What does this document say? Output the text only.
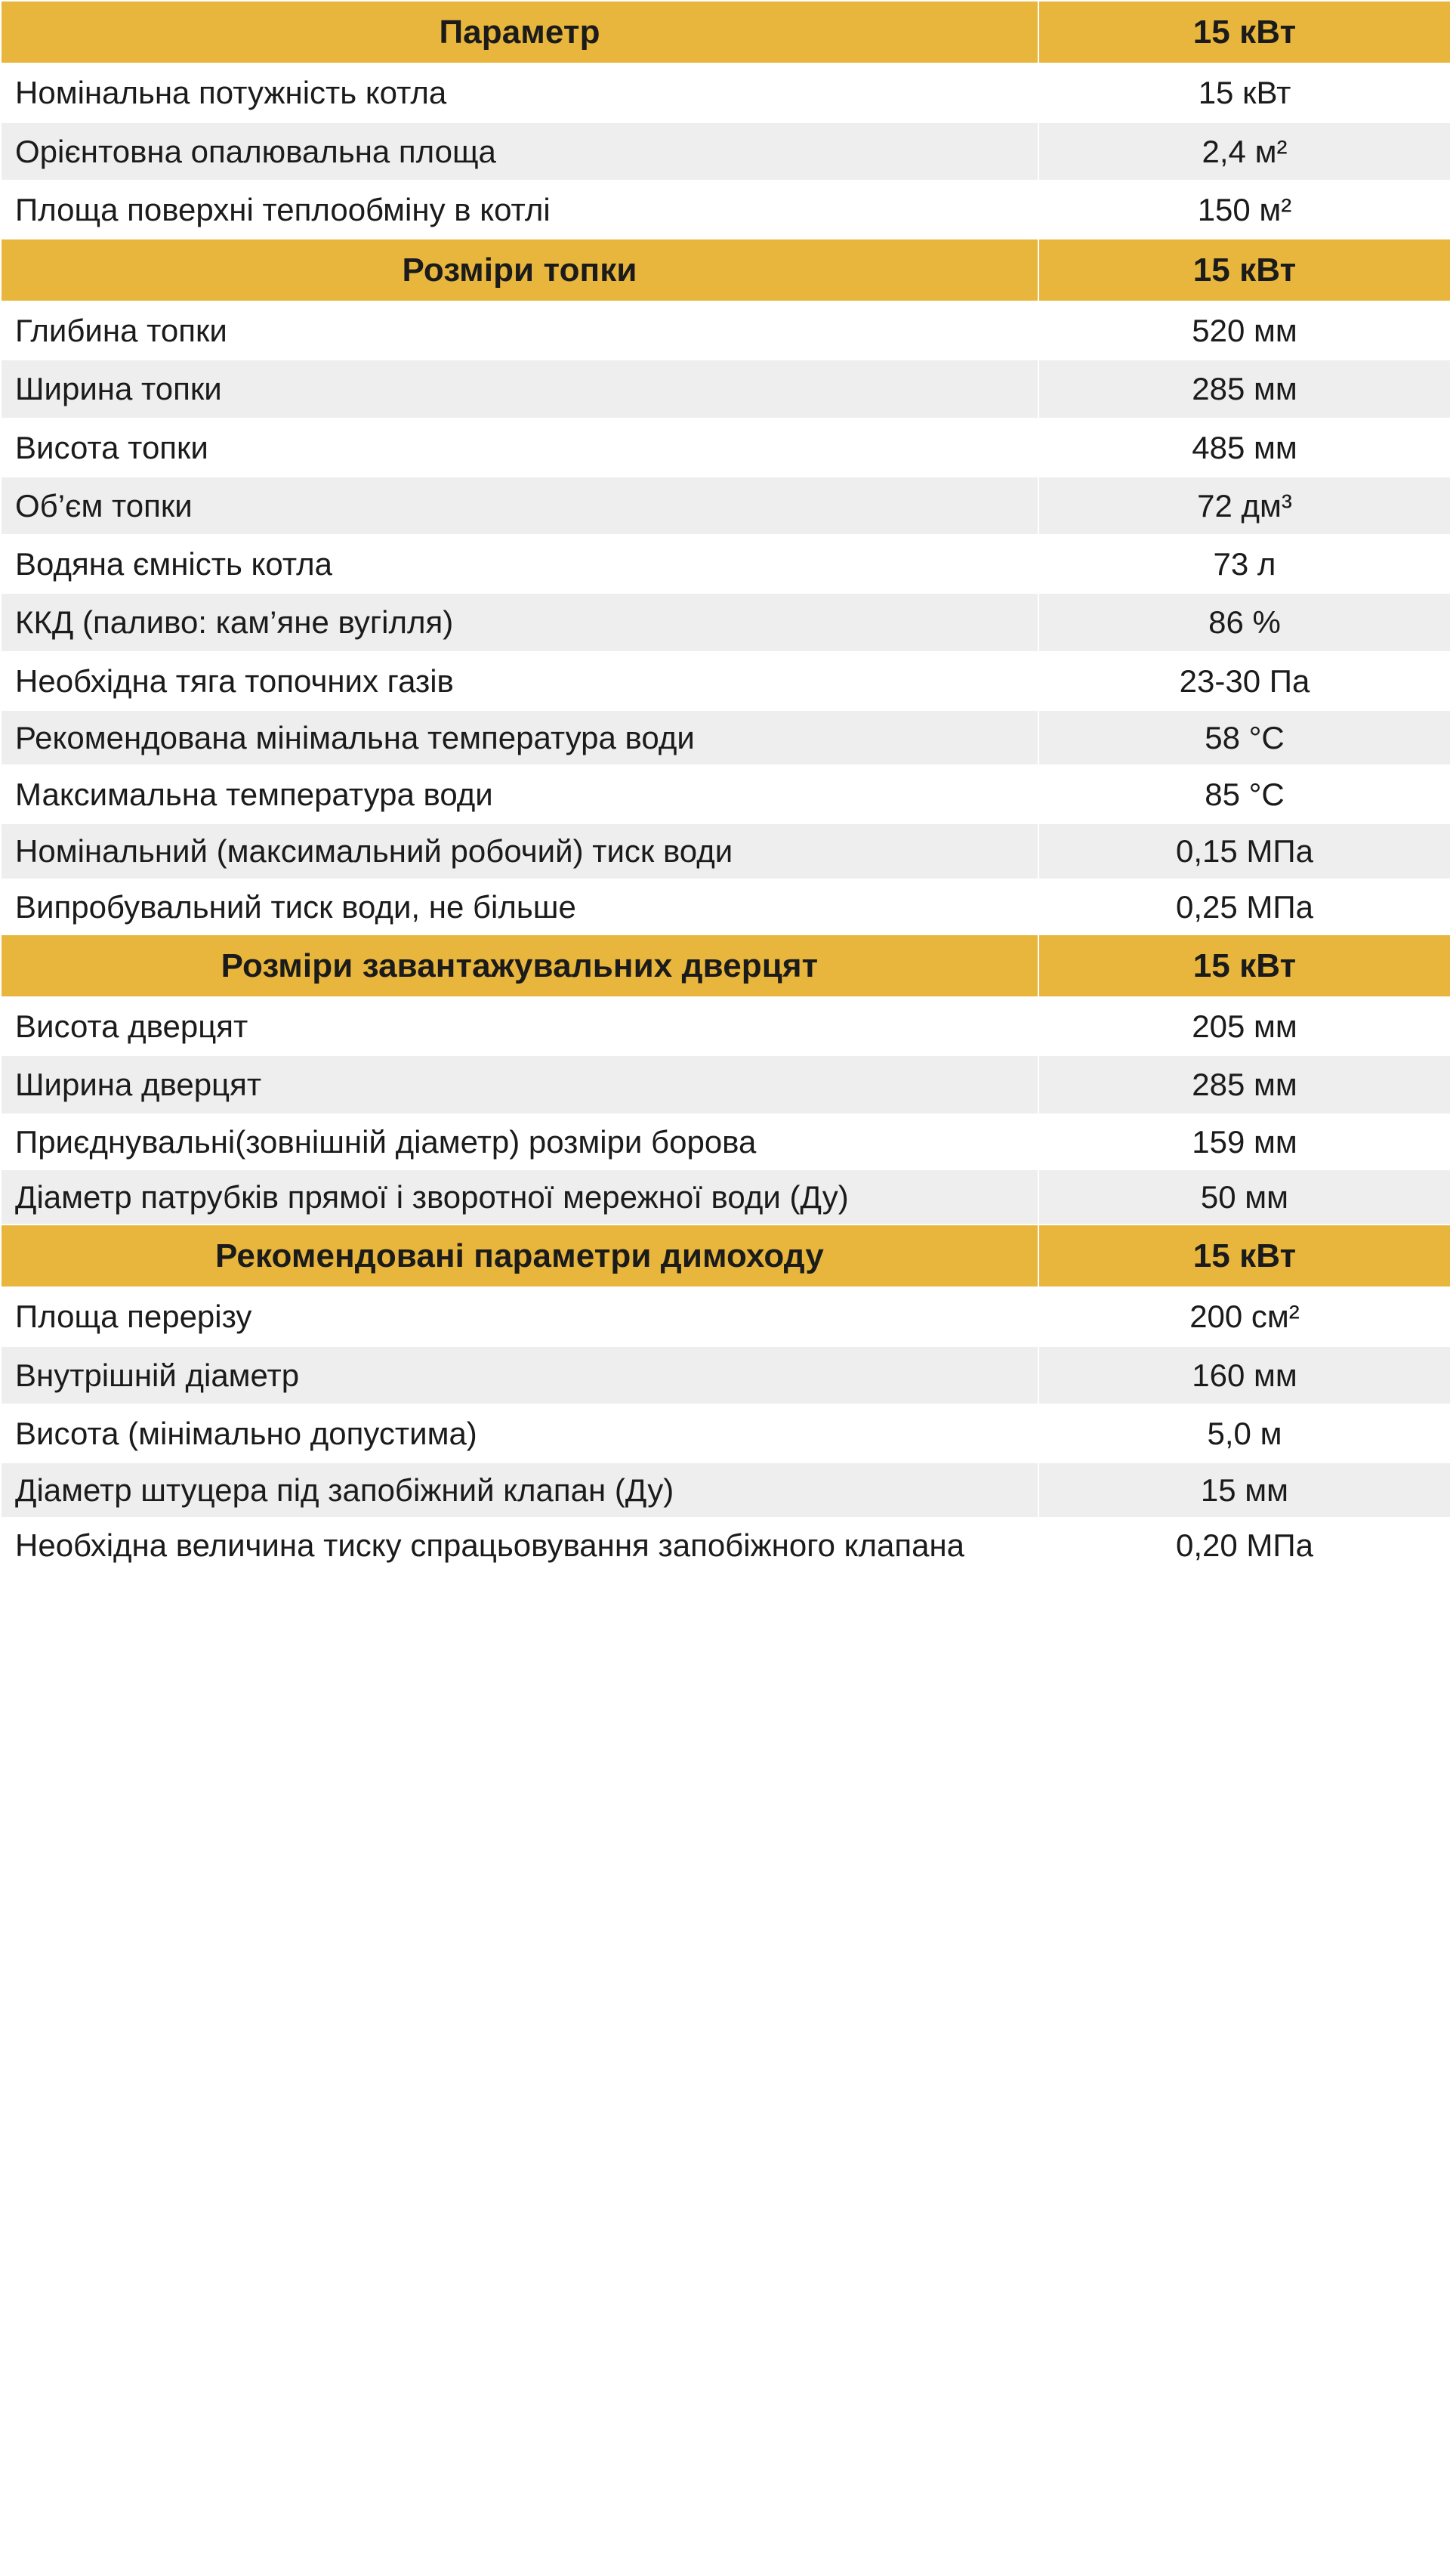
Параметр	15 кВт
Номінальна потужність котла	15 кВт
Орієнтовна опалювальна площа	2,4 м²
Площа поверхні теплообміну в котлі	150 м²
Розміри топки	15 кВт
Глибина топки	520 мм
Ширина топки	285 мм
Висота топки	485 мм
Об’єм топки	72 дм³
Водяна ємність котла	73 л
ККД (паливо: кам’яне вугілля)	86 %
Необхідна тяга топочних газів	23-30 Па
Рекомендована мінімальна температура води	58 °C
Максимальна температура води	85 °C
Номінальний (максимальний робочий) тиск води	0,15 МПа
Випробувальний тиск води, не більше	0,25 МПа
Розміри завантажувальних дверцят	15 кВт
Висота дверцят	205 мм
Ширина дверцят	285 мм
Приєднувальні(зовнішній діаметр) розміри борова	159 мм
Діаметр патрубків прямої і зворотної мережної води (Ду)	50 мм
Рекомендовані параметри димоходу	15 кВт
Площа перерізу	200 см²
Внутрішній діаметр	160 мм
Висота (мінімально допустима)	5,0 м
Діаметр штуцера під запобіжний клапан (Ду)	15 мм
Необхідна величина тиску спрацьовування запобіжного клапана	0,20 МПа
